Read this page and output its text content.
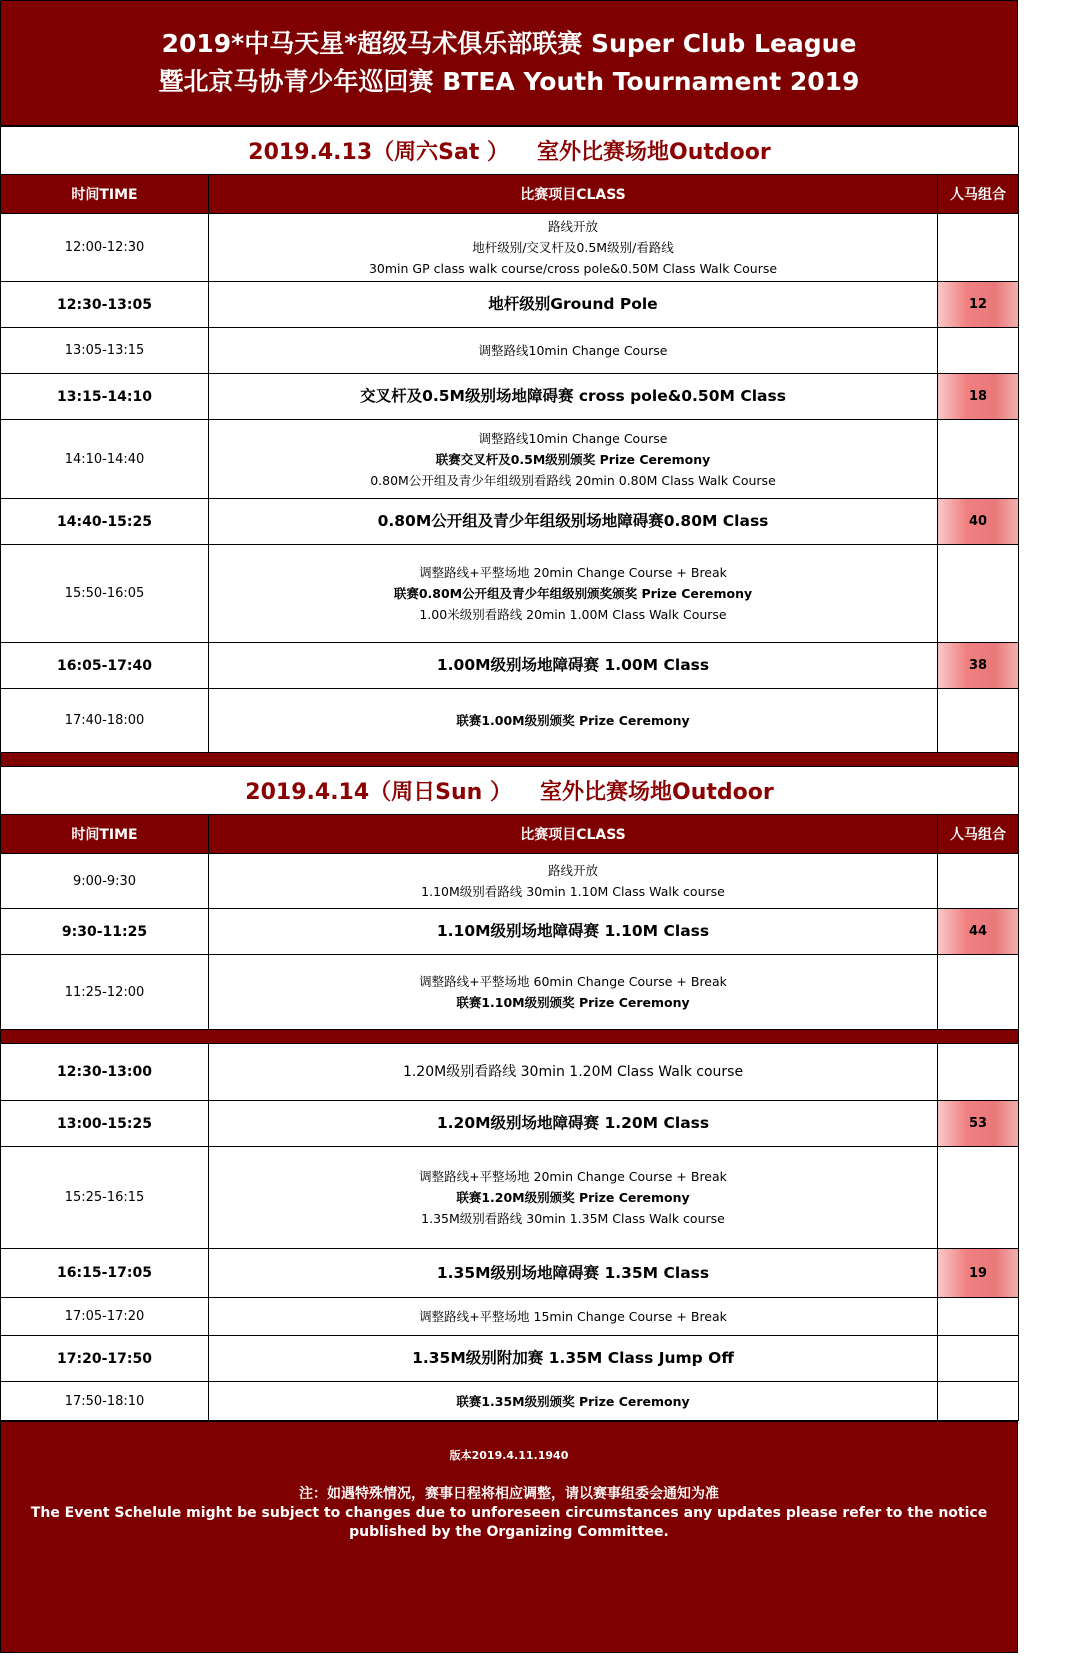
2019*中马天星*超级马术俱乐部联赛 Super Club League
暨北京马协青少年巡回赛 BTEA Youth Tournament 2019
2019.4.13（周六Sat ） 室外比赛场地Outdoor		

时间TIME	比赛项目CLASS	人马组合
12:00-12:30	路线开放
地杆级别/交叉杆及0.5M级别/看路线
30min GP class walk course/cross pole&0.50M Class Walk Course	

12:30-13:05	地杆级别Ground Pole	12
13:05-13:15	调整路线10min Change Course	

13:15-14:10	交叉杆及0.5M级别场地障碍赛 cross pole&0.50M Class	18
14:10-14:40	调整路线10min Change Course
联赛交叉杆及0.5M级别颁奖 Prize Ceremony
0.80M公开组及青少年组级别看路线 20min 0.80M Class Walk Course	

14:40-15:25	0.80M公开组及青少年组级别场地障碍赛0.80M Class	40
15:50-16:05	调整路线+平整场地 20min Change Course + Break
联赛0.80M公开组及青少年组级别颁奖颁奖 Prize Ceremony
1.00米级别看路线 20min 1.00M Class Walk Course	

16:05-17:40	1.00M级别场地障碍赛 1.00M Class	38
17:40-18:00	联赛1.00M级别颁奖 Prize Ceremony	

2019.4.14（周日Sun ） 室外比赛场地Outdoor		

时间TIME	比赛项目CLASS	人马组合
9:00-9:30	路线开放
1.10M级别看路线 30min 1.10M Class Walk course	

9:30-11:25	1.10M级别场地障碍赛 1.10M Class	44
11:25-12:00	调整路线+平整场地 60min Change Course + Break
联赛1.10M级别颁奖 Prize Ceremony	

12:30-13:00	1.20M级别看路线 30min 1.20M Class Walk course	

13:00-15:25	1.20M级别场地障碍赛 1.20M Class	53
15:25-16:15	调整路线+平整场地 20min Change Course + Break
联赛1.20M级别颁奖 Prize Ceremony
1.35M级别看路线 30min 1.35M Class Walk course	

16:15-17:05	1.35M级别场地障碍赛 1.35M Class	19
17:05-17:20	调整路线+平整场地 15min Change Course + Break	

17:20-17:50	1.35M级别附加赛 1.35M Class Jump Off	
17:50-18:10	联赛1.35M级别颁奖 Prize Ceremony	

版本2019.4.11.1940
注：如遇特殊情况，赛事日程将相应调整，请以赛事组委会通知为准
The Event Schelule might be subject to changes due to unforeseen circumstances any updates please refer to the notice published by the Organizing Committee.
